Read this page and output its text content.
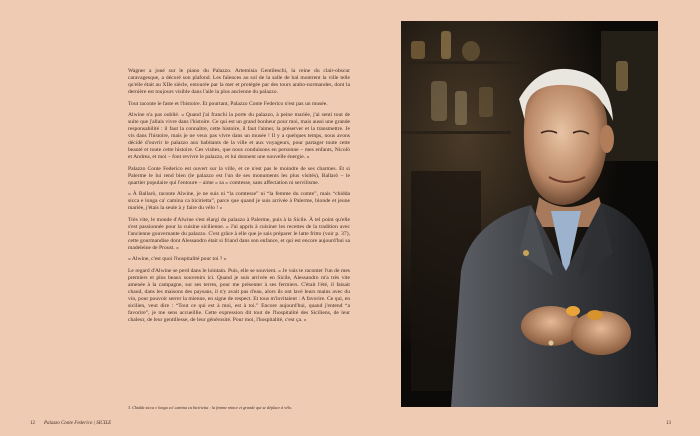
Wagner a joué sur le piano du Palazzo. Artemisia Gentileschi, la reine du clair-obscur caravagesque, a décoré son plafond. Les faïences au sol de la salle de bal montrent la ville telle qu'elle était au XIIe siècle, entourée par la mer et protégée par des tours arabo-normandes, dont la dernière est toujours visible dans l'aile la plus ancienne du palazzo.

Tout raconte le faste et l'histoire. Et pourtant, Palazzo Conte Federico n'est pas un musée.

Alwine n'a pas oublié. « Quand j'ai franchi la porte du palazzo, à peine mariée, j'ai senti tout de suite que j'allais vivre dans l'histoire. Ce qui est un grand bonheur pour moi, mais aussi une grande responsabilité : il faut la connaître, cette histoire, il faut l'aimer, la préserver et la transmettre. Je vis dans l'histoire, mais je ne veux pas vivre dans un musée ! Il y a quelques temps, nous avons décidé d'ouvrir le palazzo aux habitants de la ville et aux voyageurs, pour partager toute cette beauté et toute cette histoire. Ces visites, que nous conduisons en personne – mes enfants, Nicolò et Andrea, et moi – font revivre le palazzo, et lui donnent une nouvelle énergie. »

Palazzo Conte Federico est ouvert sur la ville, et ce n'est pas le moindre de ses charmes. Et si Palerme le lui rend bien (le palazzo est l'un de ses monuments les plus visités), Ballarò – le quartier populaire qui l'entoure – aime « sa » comtesse, sans affectation ni servilisme.

« À Ballarò, raconte Alwine, je ne suis ni “la comtesse” ni “la femme du comte”, mais “chidda sicca e longa ca' camina ca bicirietta”, parce que quand je suis arrivée à Palerme, blonde et jeune mariée, j'étais la seule à y faire du vélo ! »

Très vite, le monde d'Alwine s'est élargi du palazzo à Palerme, puis à la Sicile. À tel point qu'elle s'est passionnée pour la cuisine sicilienne. « J'ai appris à cuisiner les recettes de la tradition avec l'ancienne gouvernante du palazzo. C'est grâce à elle que je sais préparer le latte fritto (voir p. 37), cette gourmandise dont Alessandro était si friand dans son enfance, et qui est encore aujourd'hui sa madeleine de Proust. »

« Alwine, c'est quoi l'hospitalité pour toi ? »

Le regard d'Alwine se perd dans le lointain. Puis, elle se souvient. « Je vais te raconter l'un de mes premiers et plus beaux souvenirs ici. Quand je suis arrivée en Sicile, Alessandro m'a très vite amenée à la campagne, sur ses terres, pour me présenter à ses fermiers. C'était l'été, il faisait chaud, dans les maisons des paysans, il n'y avait pas d'eau, alors ils ont lavé leurs mains avec du vin, pour pouvoir serrer la mienne, en signe de respect. Et tous m'invitaient : A favorire. Ce qui, en sicilien, veut dire : “Tout ce qui est à moi, est à toi.” Encore aujourd'hui, quand j'entend “a favorire”, je me sens accueillie. Cette expression dit tout de l'hospitalité des Siciliens, de leur chaleur, de leur gentillesse, de leur générosité. Pour moi, l'hospitalité, c'est ça. »

3. Chidda sicca e longa ca' camina ca bicirietta : la femme mince et grande qui se déplace à vélo.
12 Palazzo Conte Federico | SICILE	13
